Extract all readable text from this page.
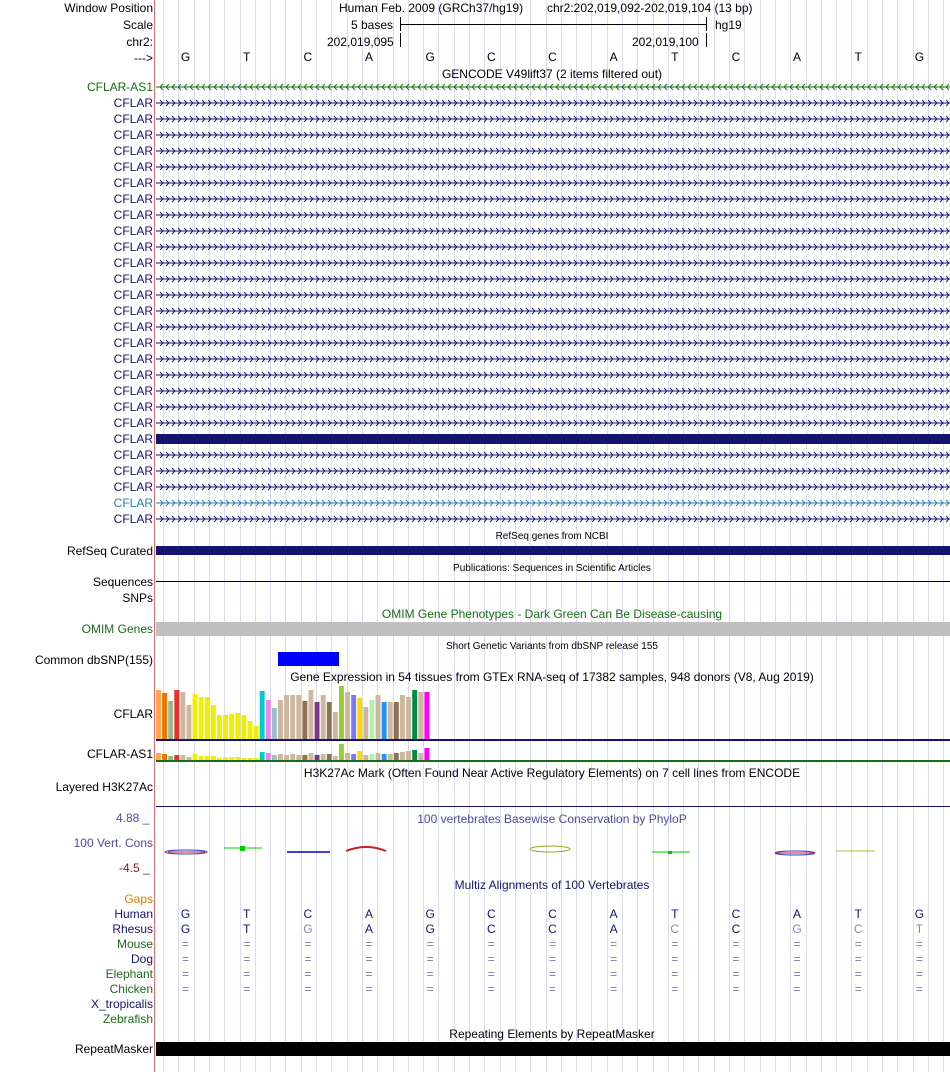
Window Position
Scale
chr2:
--->
Human Feb. 2009 (GRCh37/hg19) chr2:202,019,092-202,019,104 (13 bp)
5 bases	hg19
202,019,095	202,019,100
G	T	C	A	G	C	C	A	T	C	A	T	G
GENCODE V49lift37 (2 items filtered out)
CFLAR-AS1
CFLAR
CFLAR
CFLAR
CFLAR
CFLAR
CFLAR
CFLAR
CFLAR
CFLAR
CFLAR
CFLAR
CFLAR
CFLAR
CFLAR
CFLAR
CFLAR
CFLAR
CFLAR
CFLAR
CFLAR
CFLAR
CFLAR
CFLAR
CFLAR
CFLAR
CFLAR
CFLAR
RefSeq genes from NCBI
RefSeq Curated
Publications: Sequences in Scientific Articles
Sequences
SNPs
OMIM Gene Phenotypes - Dark Green Can Be Disease-causing
OMIM Genes
Short Genetic Variants from dbSNP release 155
Common dbSNP(155)
Gene Expression in 54 tissues from GTEx RNA-seq of 17382 samples, 948 donors (V8, Aug 2019)
CFLAR
CFLAR-AS1
H3K27Ac Mark (Often Found Near Active Regulatory Elements) on 7 cell lines from ENCODE
Layered H3K27Ac
4.88 _	100 vertebrates Basewise Conservation by PhyloP
100 Vert. Cons
-4.5 _
Multiz Alignments of 100 Vertebrates
Gaps
Human G	T	C	A	G	C	C	A	T	C	A	T	G
Rhesus G	T	G	A	G	C	C	A	C	C	G	C	T
Mouse =	=	=	=	=	=	=	=	=	=	=	=	=
Dog =	=	=	=	=	=	=	=	=	=	=	=	=
Elephant =	=	=	=	=	=	=	=	=	=	=	=	=
Chicken =	=	=	=	=	=	=	=	=	=	=	=	=
X_tropicalis
Zebrafish
Repeating Elements by RepeatMasker
RepeatMasker
